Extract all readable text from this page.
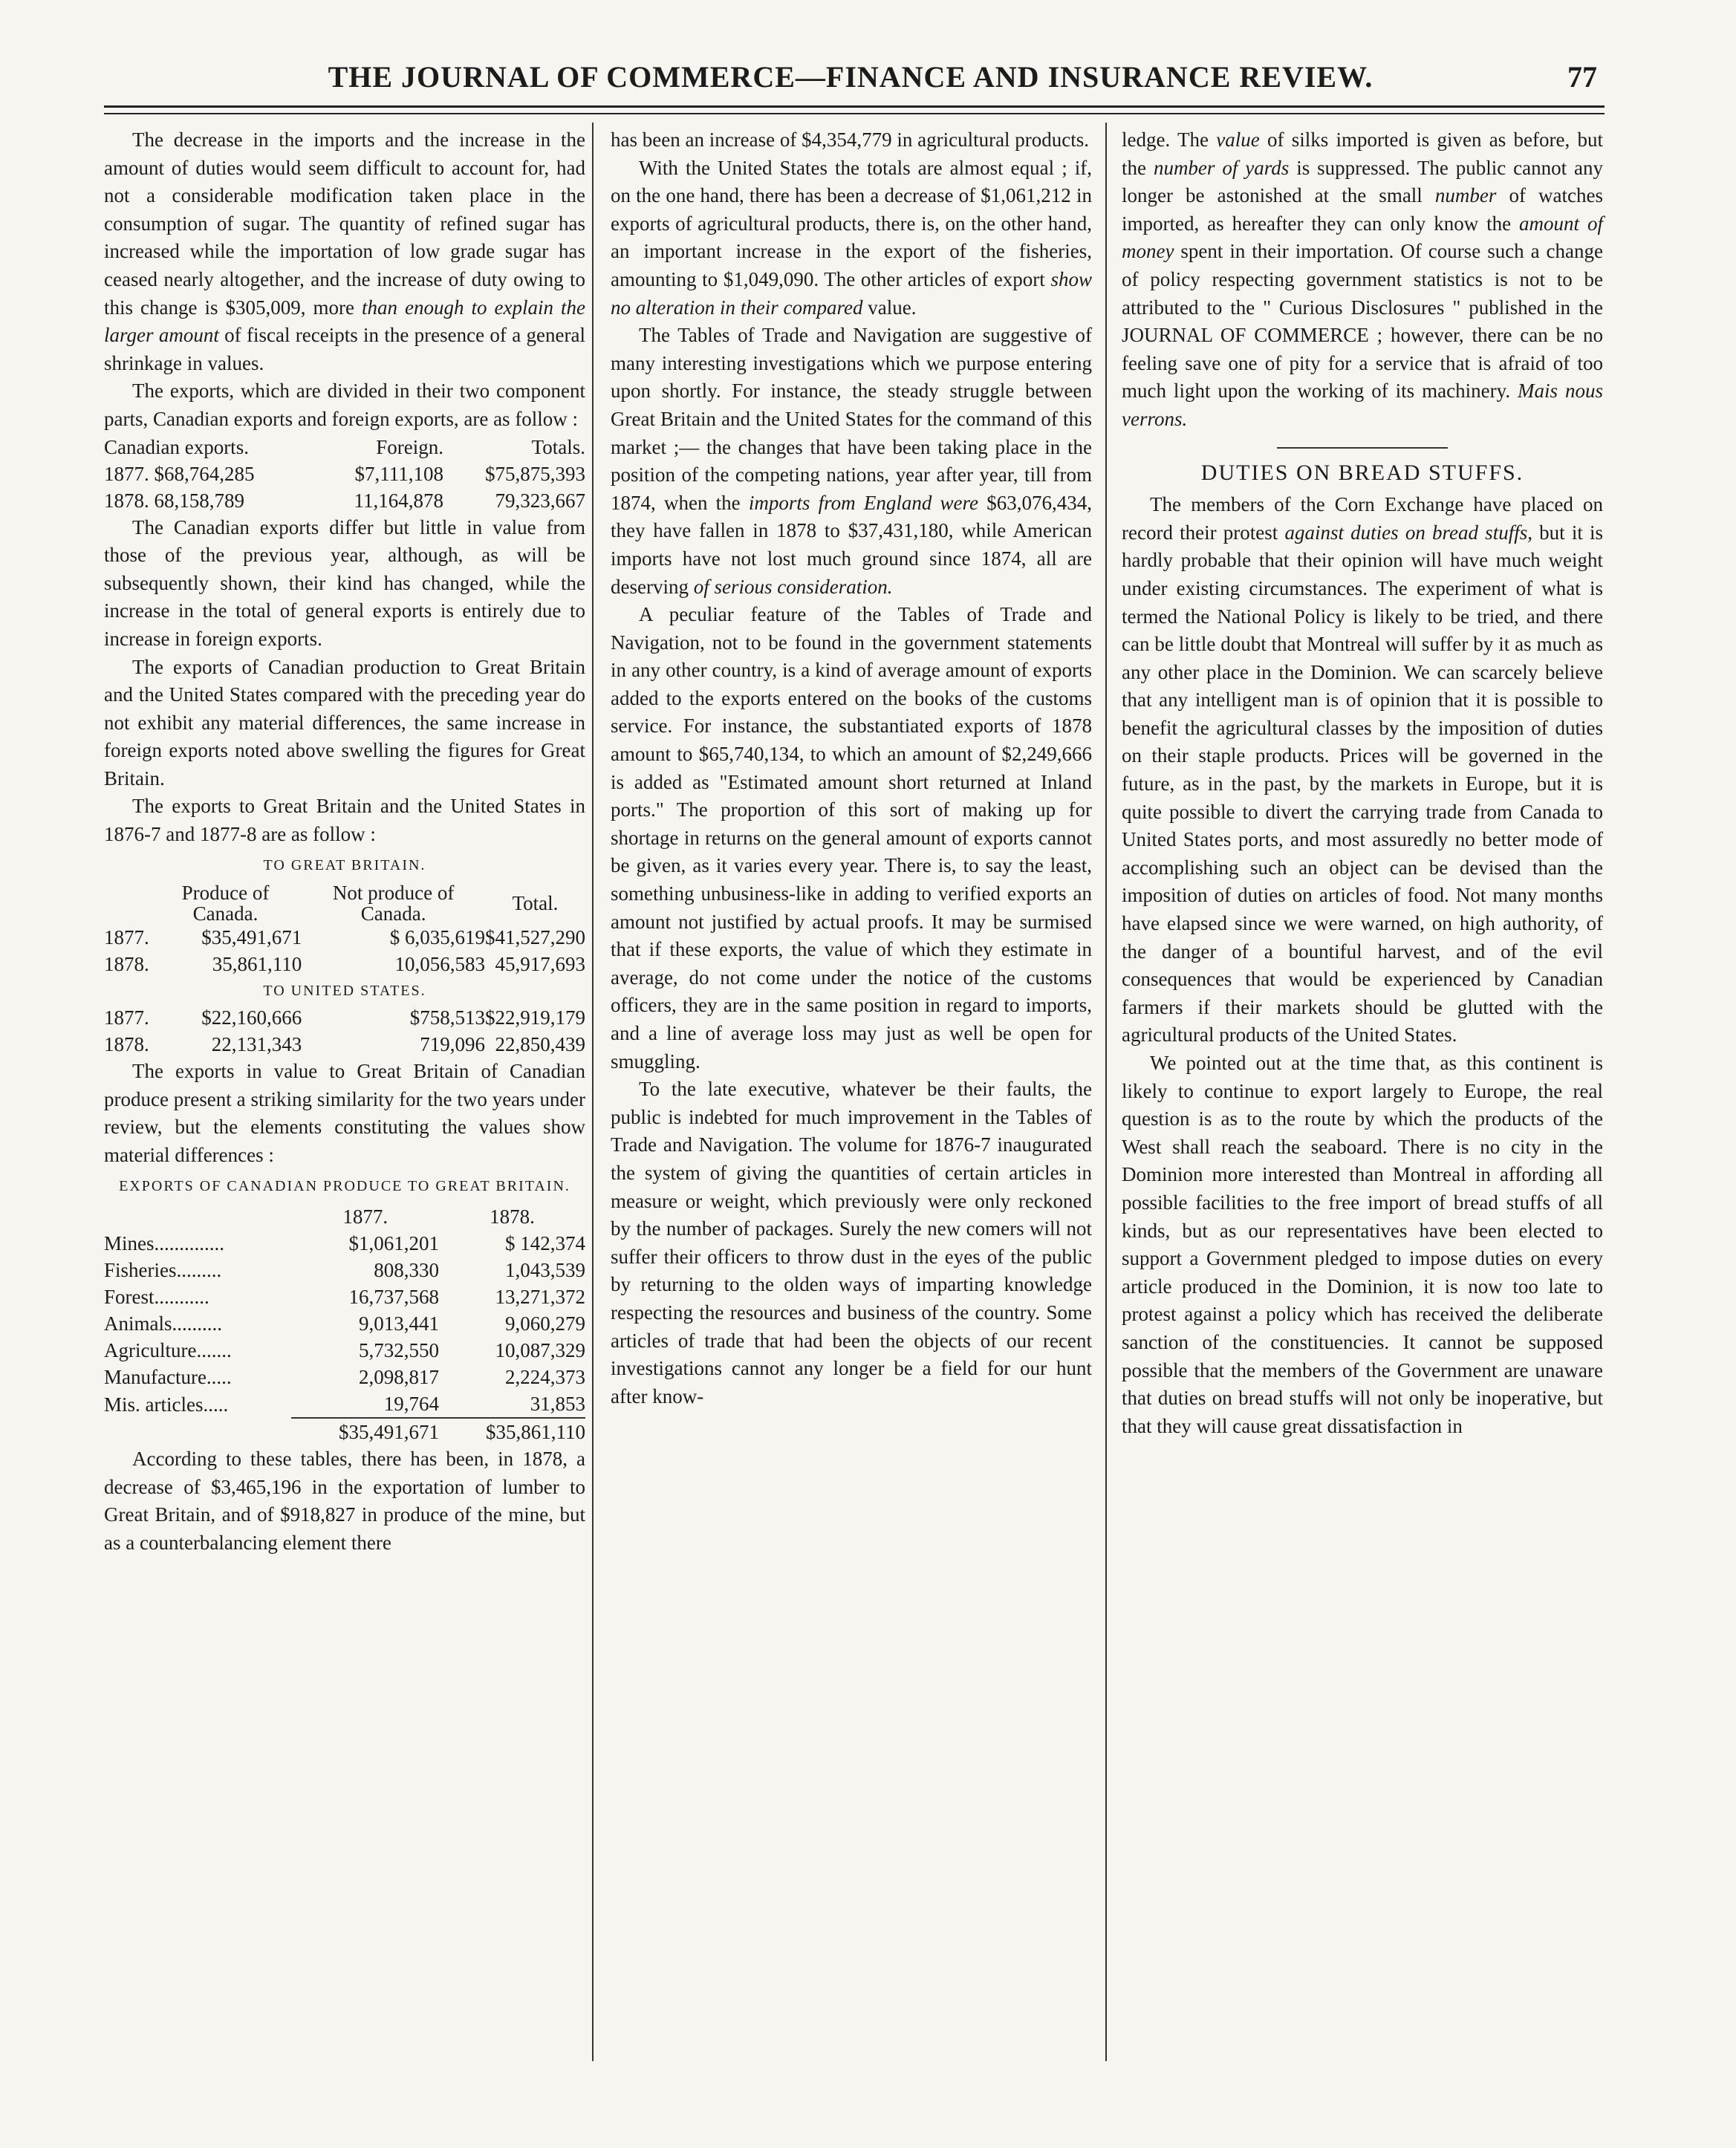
THE JOURNAL OF COMMERCE—FINANCE AND INSURANCE REVIEW.	77

The decrease in the imports and the increase in the amount of duties would seem difficult to account for, had not a considerable modification taken place in the consumption of sugar. The quantity of refined sugar has increased while the importation of low grade sugar has ceased nearly altogether, and the increase of duty owing to this change is $305,009, more than enough to explain the larger amount of fiscal receipts in the presence of a general shrinkage in values.

The exports, which are divided in their two component parts, Canadian exports and foreign exports, are as follow :

Canadian exports.	Foreign.	Totals.
1877. $68,764,285	$7,111,108	$75,875,393
1878. 68,158,789	11,164,878	79,323,667

The Canadian exports differ but little in value from those of the previous year, although, as will be subsequently shown, their kind has changed, while the increase in the total of general exports is entirely due to increase in foreign exports.

The exports of Canadian production to Great Britain and the United States compared with the preceding year do not exhibit any material differences, the same increase in foreign exports noted above swelling the figures for Great Britain.

The exports to Great Britain and the United States in 1876-7 and 1877-8 are as follow :

TO GREAT BRITAIN.
	Produce of Canada.	Not produce of Canada.	Total.
1877.	$35,491,671	$ 6,035,619	$41,527,290
1878.	35,861,110	10,056,583	45,917,693
TO UNITED STATES.			
1877.	$22,160,666	$758,513	$22,919,179
1878.	22,131,343	719,096	22,850,439

The exports in value to Great Britain of Canadian produce present a striking similarity for the two years under review, but the elements constituting the values show material differences :

EXPORTS OF CANADIAN PRODUCE TO GREAT BRITAIN.
	1877.	1878.
Mines..............	$1,061,201	$ 142,374
Fisheries.........	808,330	1,043,539
Forest...........	16,737,568	13,271,372
Animals..........	9,013,441	9,060,279
Agriculture.......	5,732,550	10,087,329
Manufacture.....	2,098,817	2,224,373
Mis. articles.....	19,764	31,853
	$35,491,671	$35,861,110

According to these tables, there has been, in 1878, a decrease of $3,465,196 in the exportation of lumber to Great Britain, and of $918,827 in produce of the mine, but as a counterbalancing element there

has been an increase of $4,354,779 in agricultural products.

With the United States the totals are almost equal ; if, on the one hand, there has been a decrease of $1,061,212 in exports of agricultural products, there is, on the other hand, an important increase in the export of the fisheries, amounting to $1,049,090. The other articles of export show no alteration in their compared value.

The Tables of Trade and Navigation are suggestive of many interesting investigations which we purpose entering upon shortly. For instance, the steady struggle between Great Britain and the United States for the command of this market ;— the changes that have been taking place in the position of the competing nations, year after year, till from 1874, when the imports from England were $63,076,434, they have fallen in 1878 to $37,431,180, while American imports have not lost much ground since 1874, all are deserving of serious consideration.

A peculiar feature of the Tables of Trade and Navigation, not to be found in the government statements in any other country, is a kind of average amount of exports added to the exports entered on the books of the customs service. For instance, the substantiated exports of 1878 amount to $65,740,134, to which an amount of $2,249,666 is added as "Estimated amount short returned at Inland ports." The proportion of this sort of making up for shortage in returns on the general amount of exports cannot be given, as it varies every year. There is, to say the least, something unbusiness-like in adding to verified exports an amount not justified by actual proofs. It may be surmised that if these exports, the value of which they estimate in average, do not come under the notice of the customs officers, they are in the same position in regard to imports, and a line of average loss may just as well be open for smuggling.

To the late executive, whatever be their faults, the public is indebted for much improvement in the Tables of Trade and Navigation. The volume for 1876-7 inaugurated the system of giving the quantities of certain articles in measure or weight, which previously were only reckoned by the number of packages. Surely the new comers will not suffer their officers to throw dust in the eyes of the public by returning to the olden ways of imparting knowledge respecting the resources and business of the country. Some articles of trade that had been the objects of our recent investigations cannot any longer be a field for our hunt after know-

ledge. The value of silks imported is given as before, but the number of yards is suppressed. The public cannot any longer be astonished at the small number of watches imported, as hereafter they can only know the amount of money spent in their importation. Of course such a change of policy respecting government statistics is not to be attributed to the " Curious Disclosures " published in the JOURNAL OF COMMERCE ; however, there can be no feeling save one of pity for a service that is afraid of too much light upon the working of its machinery. Mais nous verrons.

DUTIES ON BREAD STUFFS.

The members of the Corn Exchange have placed on record their protest against duties on bread stuffs, but it is hardly probable that their opinion will have much weight under existing circumstances. The experiment of what is termed the National Policy is likely to be tried, and there can be little doubt that Montreal will suffer by it as much as any other place in the Dominion. We can scarcely believe that any intelligent man is of opinion that it is possible to benefit the agricultural classes by the imposition of duties on their staple products. Prices will be governed in the future, as in the past, by the markets in Europe, but it is quite possible to divert the carrying trade from Canada to United States ports, and most assuredly no better mode of accomplishing such an object can be devised than the imposition of duties on articles of food. Not many months have elapsed since we were warned, on high authority, of the danger of a bountiful harvest, and of the evil consequences that would be experienced by Canadian farmers if their markets should be glutted with the agricultural products of the United States.

We pointed out at the time that, as this continent is likely to continue to export largely to Europe, the real question is as to the route by which the products of the West shall reach the seaboard. There is no city in the Dominion more interested than Montreal in affording all possible facilities to the free import of bread stuffs of all kinds, but as our representatives have been elected to support a Government pledged to impose duties on every article produced in the Dominion, it is now too late to protest against a policy which has received the deliberate sanction of the constituencies. It cannot be supposed possible that the members of the Government are unaware that duties on bread stuffs will not only be inoperative, but that they will cause great dissatisfaction in
